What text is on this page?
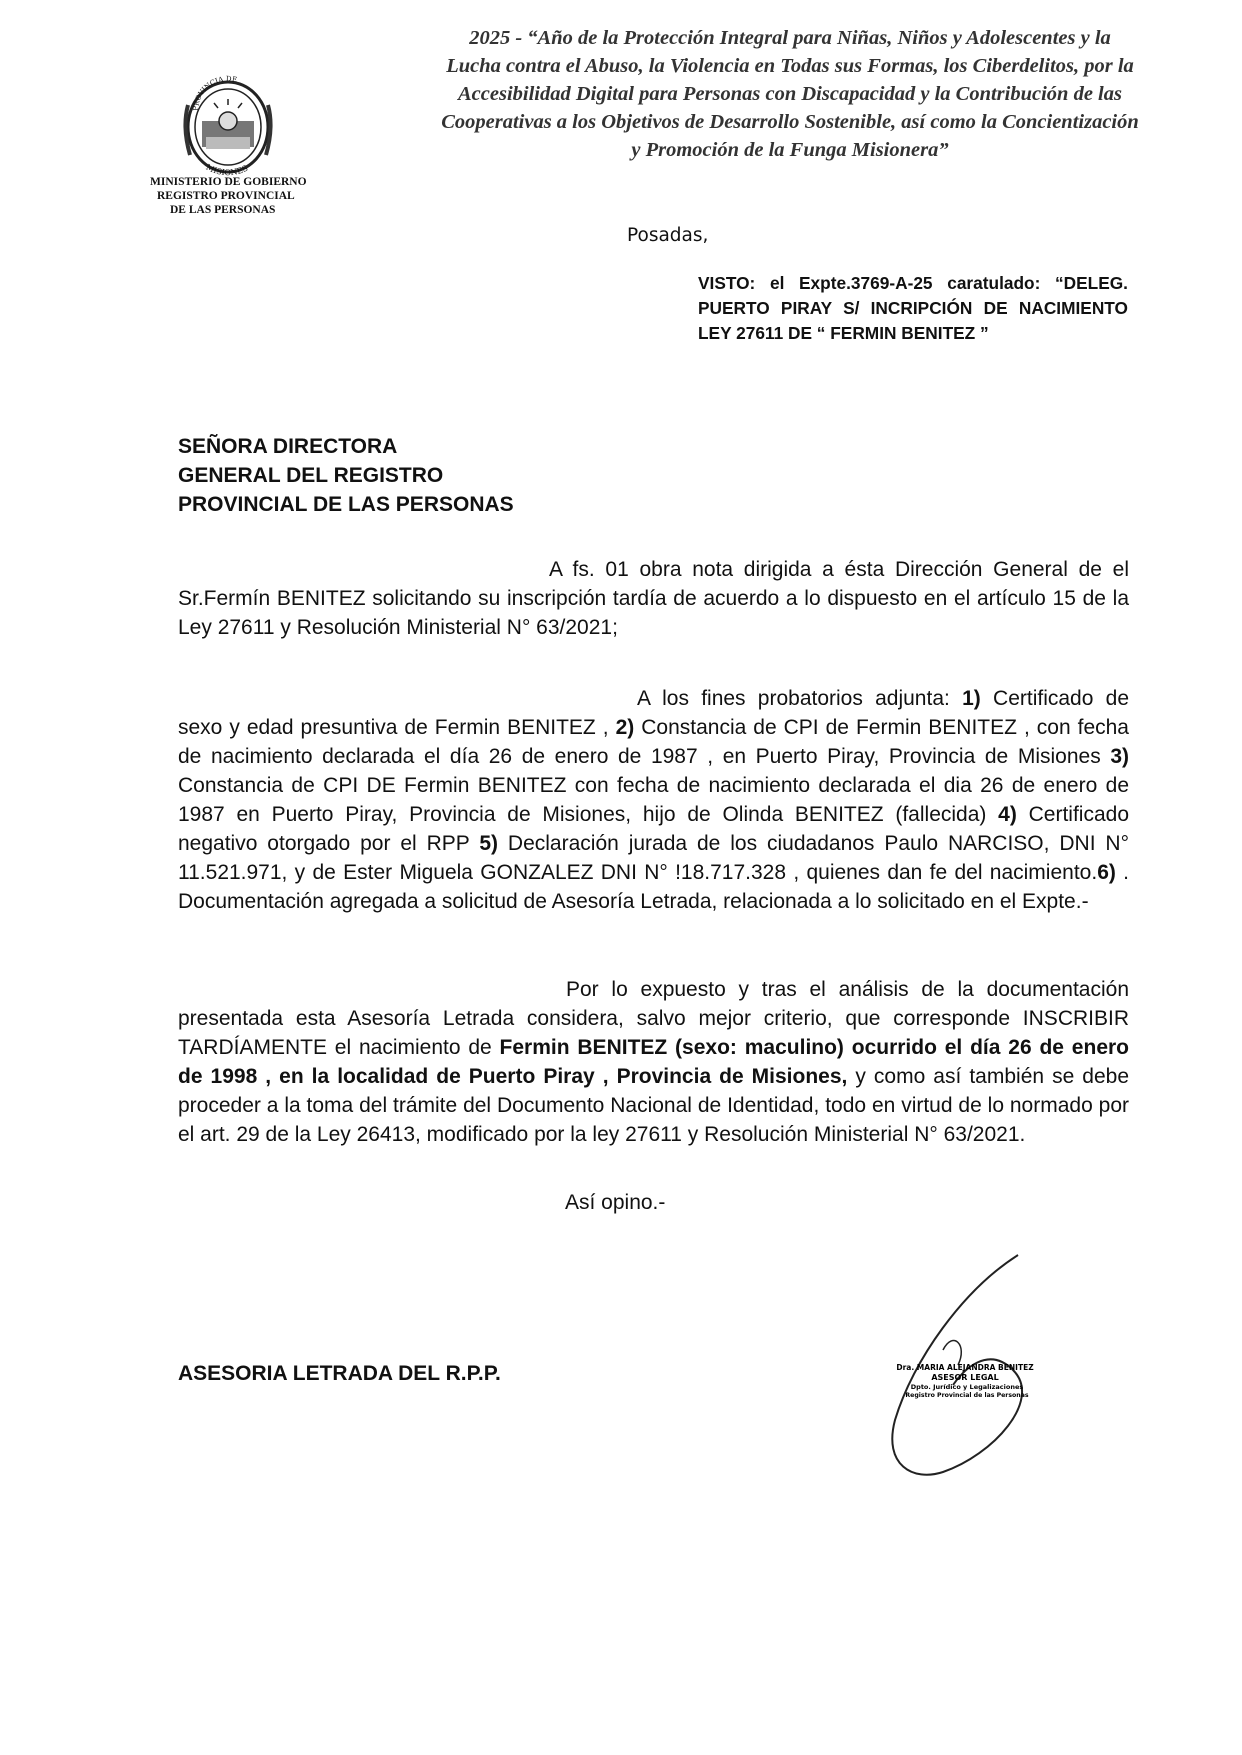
2025 - “Año de la Protección Integral para Niñas, Niños y Adolescentes y la Lucha contra el Abuso, la Violencia en Todas sus Formas, los Ciberdelitos, por la Accesibilidad Digital para Personas con Discapacidad y la Contribución de las Cooperativas a los Objetivos de Desarrollo Sostenible, así como la Concientización y Promoción de la Funga Misionera”

PROVINCIA DE
MISIONES
MINISTERIO DE GOBIERNO
REGISTRO PROVINCIAL
DE LAS PERSONAS
Posadas,

VISTO: el Expte.3769-A-25 caratulado: “DELEG. PUERTO PIRAY S/ INCRIPCIÓN DE NACIMIENTO LEY 27611 DE “ FERMIN BENITEZ ”

SEÑORA DIRECTORA
GENERAL DEL REGISTRO
PROVINCIAL DE LAS PERSONAS

A fs. 01 obra nota dirigida a ésta Dirección General de el Sr.Fermín BENITEZ solicitando su inscripción tardía de acuerdo a lo dispuesto en el artículo 15 de la Ley 27611 y Resolución Ministerial N° 63/2021;

A los fines probatorios adjunta: 1) Certificado de sexo y edad presuntiva de Fermin BENITEZ , 2) Constancia de CPI de Fermin BENITEZ , con fecha de nacimiento declarada el día 26 de enero de 1987 , en Puerto Piray, Provincia de Misiones 3) Constancia de CPI DE Fermin BENITEZ con fecha de nacimiento declarada el dia 26 de enero de 1987 en Puerto Piray, Provincia de Misiones, hijo de Olinda BENITEZ (fallecida) 4) Certificado negativo otorgado por el RPP 5) Declaración jurada de los ciudadanos Paulo NARCISO, DNI N° 11.521.971, y de Ester Miguela GONZALEZ DNI N° !18.717.328 , quienes dan fe del nacimiento.6) . Documentación agregada a solicitud de Asesoría Letrada, relacionada a lo solicitado en el Expte.-

Por lo expuesto y tras el análisis de la documentación presentada esta Asesoría Letrada considera, salvo mejor criterio, que corresponde INSCRIBIR TARDÍAMENTE el nacimiento de Fermin BENITEZ (sexo: maculino) ocurrido el día 26 de enero de 1998 , en la localidad de Puerto Piray , Provincia de Misiones, y como así también se debe proceder a la toma del trámite del Documento Nacional de Identidad, todo en virtud de lo normado por el art. 29 de la Ley 26413, modificado por la ley 27611 y Resolución Ministerial N° 63/2021.

Así opino.-
ASESORIA LETRADA DEL R.P.P.	Dra. MARIA ALEJANDRA BENITEZ
ASESOR LEGAL
Dpto. Jurídico y Legalizaciones
Registro Provincial de las Personas
